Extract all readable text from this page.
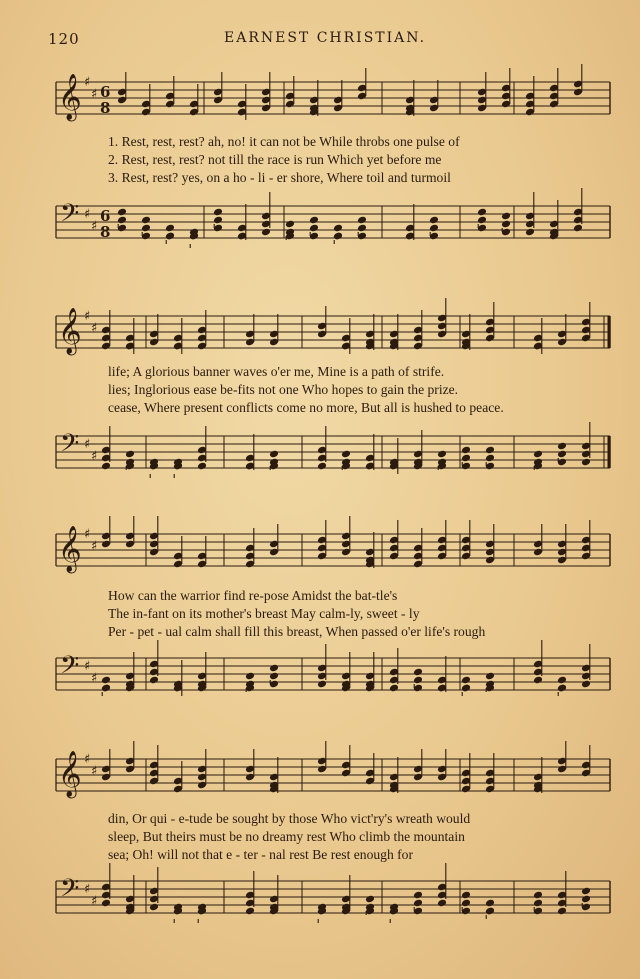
120	EARNEST CHRISTIAN.
𝄞 ♯
♯ 6
8
1. Rest, rest, rest? ah, no! it can not be While throbs one pulse of
2. Rest, rest, rest? not till the race is run Which yet before me
3. Rest, rest? yes, on a ho - li - er shore, Where toil and turmoil
𝄢 ♯
♯
6
8
𝄞 ♯
♯
life; A glorious banner waves o'er me, Mine is a path of strife.
lies; Inglorious ease be-fits not one Who hopes to gain the prize.
cease, Where present conflicts come no more, But all is hushed to peace.
𝄢 ♯
♯
𝄞 ♯
♯
How can the warrior find re-pose Amidst the bat-tle's
The in-fant on its mother's breast May calm-ly, sweet - ly
Per - pet - ual calm shall fill this breast, When passed o'er life's rough
𝄢 ♯
♯
𝄞 ♯
♯
din, Or qui - e-tude be sought by those Who vict'ry's wreath would
sleep, But theirs must be no dreamy rest Who climb the mountain
sea; Oh! will not that e - ter - nal rest Be rest enough for
𝄢 ♯
♯
